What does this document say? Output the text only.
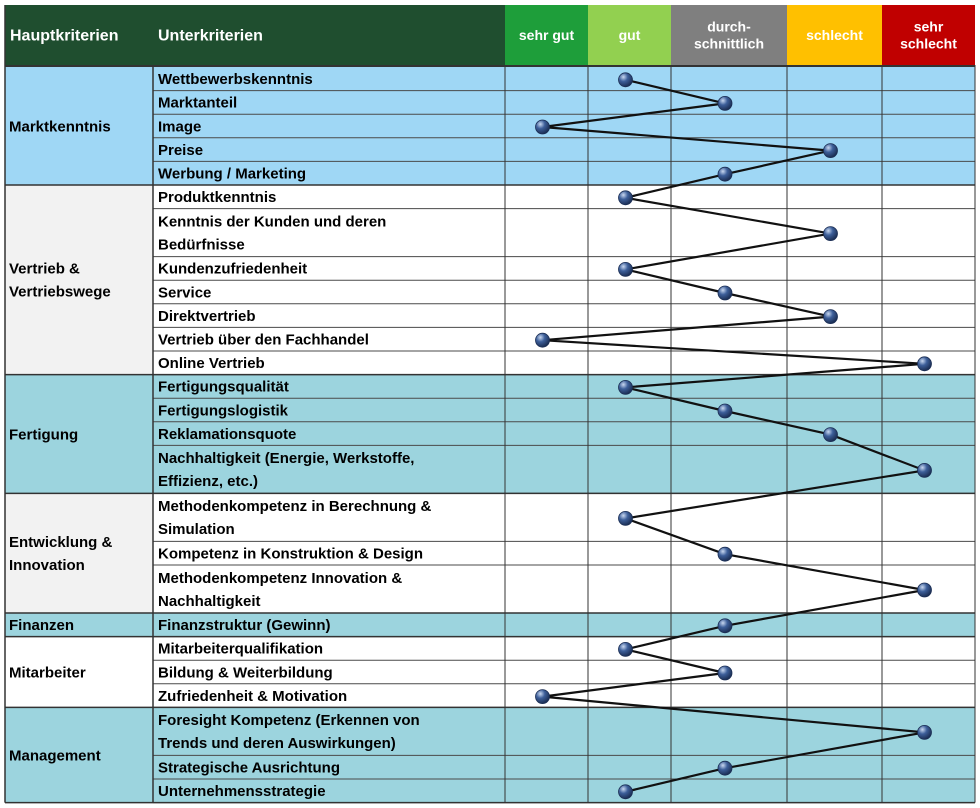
Hauptkriterien Unterkriterien	sehr gut	gut
durch-schnittlich
schlecht
sehr schlecht
Wettbewerbskenntnis
Marktanteil
Image
Preise
Werbung / Marketing
Marktkenntnis
Produktkenntnis
Kenntnis der Kunden und deren Bedürfnisse
Kundenzufriedenheit
Service
Direktvertrieb
Vertrieb über den Fachhandel
Online Vertrieb
Vertrieb & Vertriebswege
Fertigungsqualität
Fertigungslogistik
Reklamationsquote
Nachhaltigkeit (Energie, Werkstoffe, Effizienz, etc.)
Fertigung
Methodenkompetenz in Berechnung & Simulation
Kompetenz in Konstruktion & Design
Methodenkompetenz Innovation & Nachhaltigkeit
Entwicklung & Innovation
Finanzstruktur (Gewinn)
Finanzen
Mitarbeiterqualifikation
Bildung & Weiterbildung
Zufriedenheit & Motivation
Mitarbeiter
Foresight Kompetenz (Erkennen von Trends und deren Auswirkungen)
Strategische Ausrichtung
Unternehmensstrategie
Management
